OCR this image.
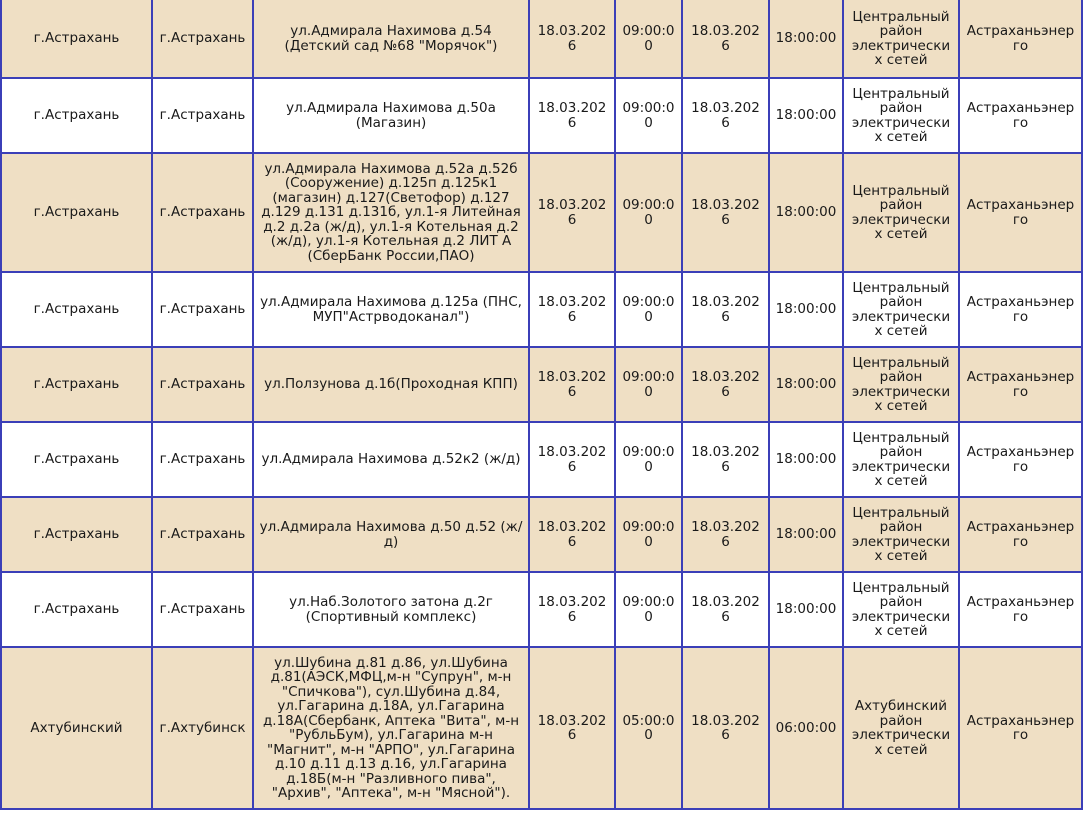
г.Астрахань	г.Астрахань	ул.Адмирала Нахимова д.54 (Детский сад №68 "Морячок")	18.03.2026	09:00:00	18.03.2026	18:00:00	Центральный район электрических сетей	Астраханьэнерго
г.Астрахань	г.Астрахань	ул.Адмирала Нахимова д.50а (Магазин)	18.03.2026	09:00:00	18.03.2026	18:00:00	Центральный район электрических сетей	Астраханьэнерго
г.Астрахань	г.Астрахань	ул.Адмирала Нахимова д.52а д.52б (Сооружение) д.125п д.125к1 (магазин) д.127(Светофор) д.127 д.129 д.131 д.131б, ул.1-я Литейная д.2 д.2а (ж/д), ул.1-я Котельная д.2 (ж/д), ул.1-я Котельная д.2 ЛИТ А (СберБанк России,ПАО)	18.03.2026	09:00:00	18.03.2026	18:00:00	Центральный район электрических сетей	Астраханьэнерго
г.Астрахань	г.Астрахань	ул.Адмирала Нахимова д.125а (ПНС, МУП"Астрводоканал")	18.03.2026	09:00:00	18.03.2026	18:00:00	Центральный район электрических сетей	Астраханьэнерго
г.Астрахань	г.Астрахань	ул.Ползунова д.1б(Проходная КПП)	18.03.2026	09:00:00	18.03.2026	18:00:00	Центральный район электрических сетей	Астраханьэнерго
г.Астрахань	г.Астрахань	ул.Адмирала Нахимова д.52к2 (ж/д)	18.03.2026	09:00:00	18.03.2026	18:00:00	Центральный район электрических сетей	Астраханьэнерго
г.Астрахань	г.Астрахань	ул.Адмирала Нахимова д.50 д.52 (ж/д)	18.03.2026	09:00:00	18.03.2026	18:00:00	Центральный район электрических сетей	Астраханьэнерго
г.Астрахань	г.Астрахань	ул.Наб.Золотого затона д.2г (Спортивный комплекс)	18.03.2026	09:00:00	18.03.2026	18:00:00	Центральный район электрических сетей	Астраханьэнерго
Ахтубинский	г.Ахтубинск	ул.Шубина д.81 д.86, ул.Шубина д.81(АЭСК,МФЦ,м-н "Супрун", м-н "Спичкова"), сул.Шубина д.84, ул.Гагарина д.18А, ул.Гагарина д.18А(Сбербанк, Аптека "Вита", м-н "РубльБум), ул.Гагарина м-н "Магнит", м-н "АРПО", ул.Гагарина д.10 д.11 д.13 д.16, ул.Гагарина д.18Б(м-н "Разливного пива", "Архив", "Аптека", м-н "Мясной").	18.03.2026	05:00:00	18.03.2026	06:00:00	Ахтубинский район электрических сетей	Астраханьэнерго
